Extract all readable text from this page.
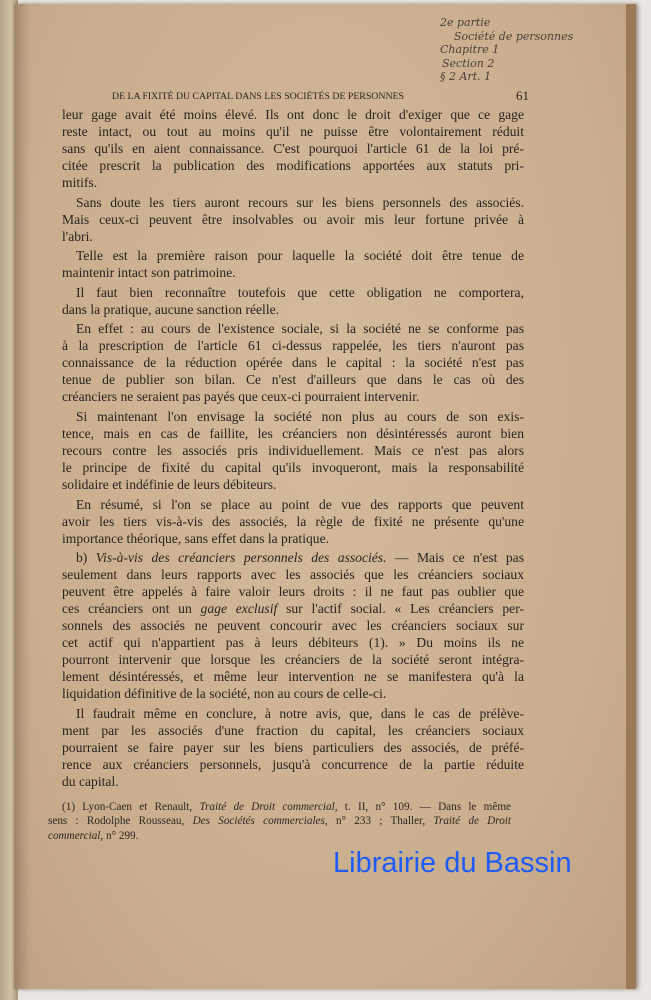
2e partie
Société de personnes
Chapitre 1
Section 2
§ 2 Art. 1
DE LA FIXITÉ DU CAPITAL DANS LES SOCIÉTÉS DE PERSONNES	61
leur gage avait été moins élevé. Ils ont donc le droit d'exiger que ce gage
reste intact, ou tout au moins qu'il ne puisse être volontairement réduit
sans qu'ils en aient connaissance. C'est pourquoi l'article 61 de la loi pré-
citée prescrit la publication des modifications apportées aux statuts pri-
mitifs.
Sans doute les tiers auront recours sur les biens personnels des associés.
Mais ceux-ci peuvent être insolvables ou avoir mis leur fortune privée à
l'abri.
Telle est la première raison pour laquelle la société doit être tenue de
maintenir intact son patrimoine.
Il faut bien reconnaître toutefois que cette obligation ne comportera,
dans la pratique, aucune sanction réelle.
En effet : au cours de l'existence sociale, si la société ne se conforme pas
à la prescription de l'article 61 ci-dessus rappelée, les tiers n'auront pas
connaissance de la réduction opérée dans le capital : la société n'est pas
tenue de publier son bilan. Ce n'est d'ailleurs que dans le cas où des
créanciers ne seraient pas payés que ceux-ci pourraient intervenir.
Si maintenant l'on envisage la société non plus au cours de son exis-
tence, mais en cas de faillite, les créanciers non désintéressés auront bien
recours contre les associés pris individuellement. Mais ce n'est pas alors
le principe de fixité du capital qu'ils invoqueront, mais la responsabilité
solidaire et indéfinie de leurs débiteurs.
En résumé, si l'on se place au point de vue des rapports que peuvent
avoir les tiers vis-à-vis des associés, la règle de fixité ne présente qu'une
importance théorique, sans effet dans la pratique.
b) Vis-à-vis des créanciers personnels des associés. — Mais ce n'est pas
seulement dans leurs rapports avec les associés que les créanciers sociaux
peuvent être appelés à faire valoir leurs droits : il ne faut pas oublier que
ces créanciers ont un gage exclusif sur l'actif social. « Les créanciers per-
sonnels des associés ne peuvent concourir avec les créanciers sociaux sur
cet actif qui n'appartient pas à leurs débiteurs (1). » Du moins ils ne
pourront intervenir que lorsque les créanciers de la société seront intégra-
lement désintéressés, et même leur intervention ne se manifestera qu'à la
liquidation définitive de la société, non au cours de celle-ci.
Il faudrait même en conclure, à notre avis, que, dans le cas de prélève-
ment par les associés d'une fraction du capital, les créanciers sociaux
pourraient se faire payer sur les biens particuliers des associés, de préfé-
rence aux créanciers personnels, jusqu'à concurrence de la partie réduite
du capital.
(1) Lyon-Caen et Renault, Traité de Droit commercial, t. II, n° 109. — Dans le même
sens : Rodolphe Rousseau, Des Sociétés commerciales, n° 233 ; Thaller, Traité de Droit
commercial, n° 299.
Librairie du Bassin
